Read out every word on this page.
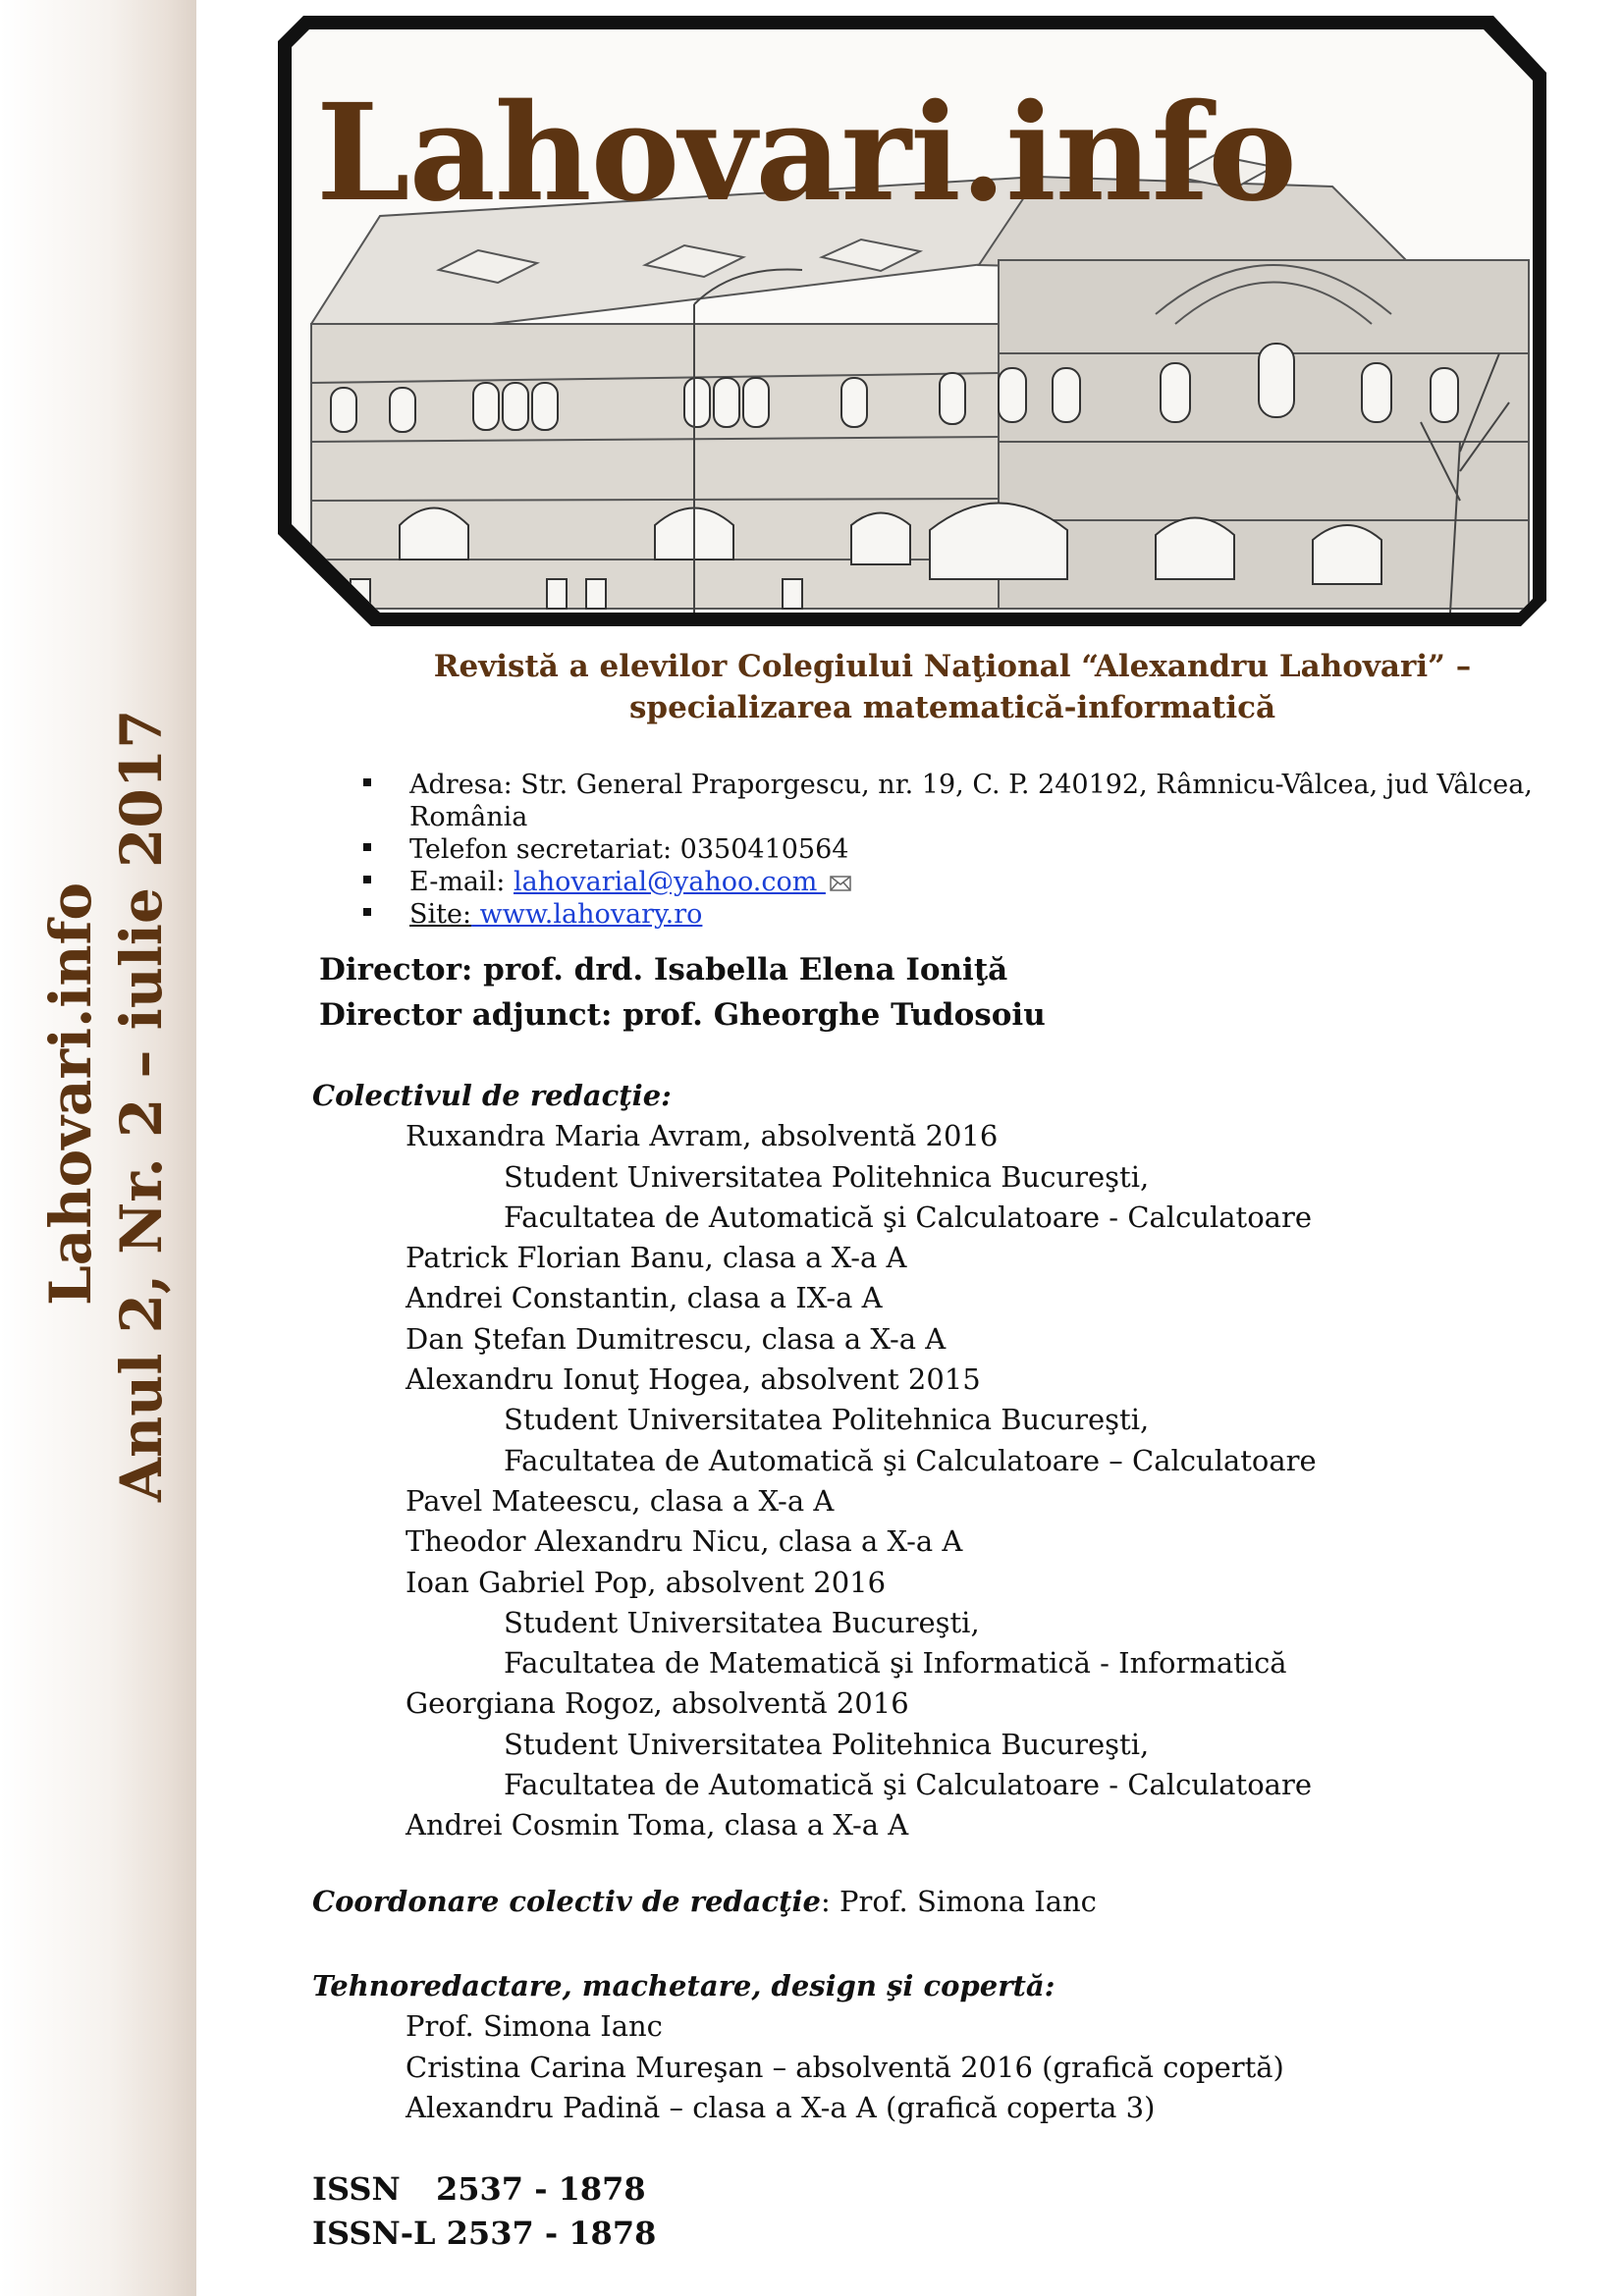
Lahovari.info Anul 2, Nr. 2 – iulie 2017
Lahovari.info
Revistă a elevilor Colegiului Naţional “Alexandru Lahovari” –
specializarea matematică-informatică
Adresa: Str. General Praporgescu, nr. 19, C. P. 240192, Râmnicu-Vâlcea, jud Vâlcea, România
Telefon secretariat: 0350410564
E-mail: lahovarial@yahoo.com
Site: www.lahovary.ro
Director: prof. drd. Isabella Elena Ioniţă
Director adjunct: prof. Gheorghe Tudosoiu
Colectivul de redacţie:
Ruxandra Maria Avram, absolventă 2016
Student Universitatea Politehnica Bucureşti,
Facultatea de Automatică şi Calculatoare - Calculatoare
Patrick Florian Banu, clasa a X-a A
Andrei Constantin, clasa a IX-a A
Dan Ştefan Dumitrescu, clasa a X-a A
Alexandru Ionuţ Hogea, absolvent 2015
Student Universitatea Politehnica Bucureşti,
Facultatea de Automatică şi Calculatoare – Calculatoare
Pavel Mateescu, clasa a X-a A
Theodor Alexandru Nicu, clasa a X-a A
Ioan Gabriel Pop, absolvent 2016
Student Universitatea Bucureşti,
Facultatea de Matematică şi Informatică - Informatică
Georgiana Rogoz, absolventă 2016
Student Universitatea Politehnica Bucureşti,
Facultatea de Automatică şi Calculatoare - Calculatoare
Andrei Cosmin Toma, clasa a X-a A
Coordonare colectiv de redacţie: Prof. Simona Ianc
Tehnoredactare, machetare, design şi copertă:
Prof. Simona Ianc
Cristina Carina Mureşan – absolventă 2016 (grafică copertă)
Alexandru Padină – clasa a X-a A (grafică coperta 3)
ISSN 2537 - 1878
ISSN-L 2537 - 1878
